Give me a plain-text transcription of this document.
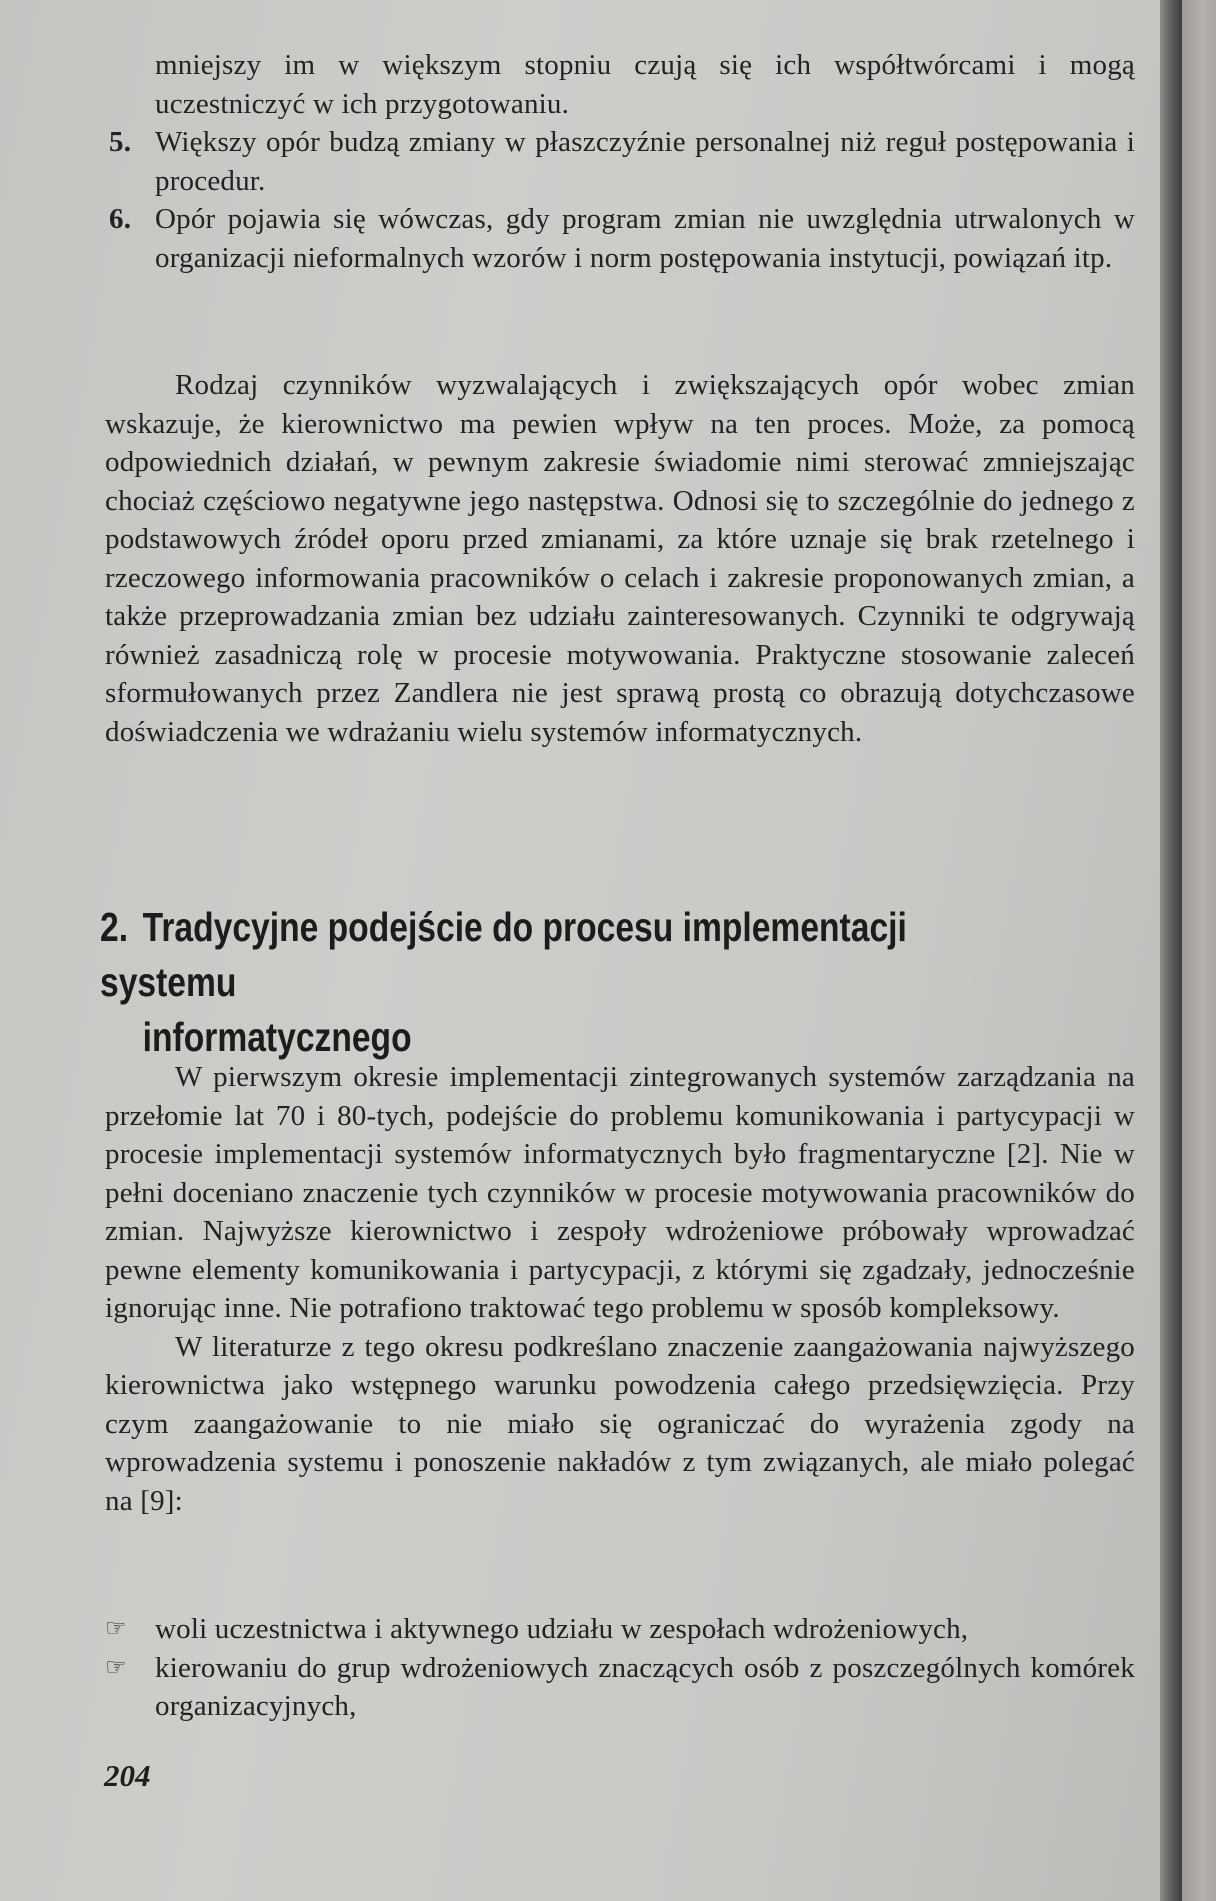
mniejszy im w większym stopniu czują się ich współtwórcami i mogą uczestniczyć w ich przygotowaniu.
5. Większy opór budzą zmiany w płaszczyźnie personalnej niż reguł postępowania i procedur.
6. Opór pojawia się wówczas, gdy program zmian nie uwzględnia utrwalonych w organizacji nieformalnych wzorów i norm postępowania instytucji, powiązań itp.

Rodzaj czynników wyzwalających i zwiększających opór wobec zmian wskazuje, że kierownictwo ma pewien wpływ na ten proces. Może, za pomocą odpowiednich działań, w pewnym zakresie świadomie nimi sterować zmniejszając chociaż częściowo negatywne jego następstwa. Odnosi się to szczególnie do jednego z podstawowych źródeł oporu przed zmianami, za które uznaje się brak rzetelnego i rzeczowego informowania pracowników o celach i zakresie proponowanych zmian, a także przeprowadzania zmian bez udziału zainteresowanych. Czynniki te odgrywają również zasadniczą rolę w procesie motywowania. Praktyczne stosowanie zaleceń sformułowanych przez Zandlera nie jest sprawą prostą co obrazują dotychczasowe doświadczenia we wdrażaniu wielu systemów informatycznych.

2. Tradycyjne podejście do procesu implementacji systemu
informatycznego

W pierwszym okresie implementacji zintegrowanych systemów zarządzania na przełomie lat 70 i 80-tych, podejście do problemu komunikowania i partycypacji w procesie implementacji systemów informatycznych było fragmentaryczne [2]. Nie w pełni doceniano znaczenie tych czynników w procesie motywowania pracowników do zmian. Najwyższe kierownictwo i zespoły wdrożeniowe próbowały wprowadzać pewne elementy komunikowania i partycypacji, z którymi się zgadzały, jednocześnie ignorując inne. Nie potrafiono traktować tego problemu w sposób kompleksowy.

W literaturze z tego okresu podkreślano znaczenie zaangażowania najwyższego kierownictwa jako wstępnego warunku powodzenia całego przedsięwzięcia. Przy czym zaangażowanie to nie miało się ograniczać do wyrażenia zgody na wprowadzenia systemu i ponoszenie nakładów z tym związanych, ale miało polegać na [9]:

☞ woli uczestnictwa i aktywnego udziału w zespołach wdrożeniowych,
☞ kierowaniu do grup wdrożeniowych znaczących osób z poszczególnych komórek organizacyjnych,
204
